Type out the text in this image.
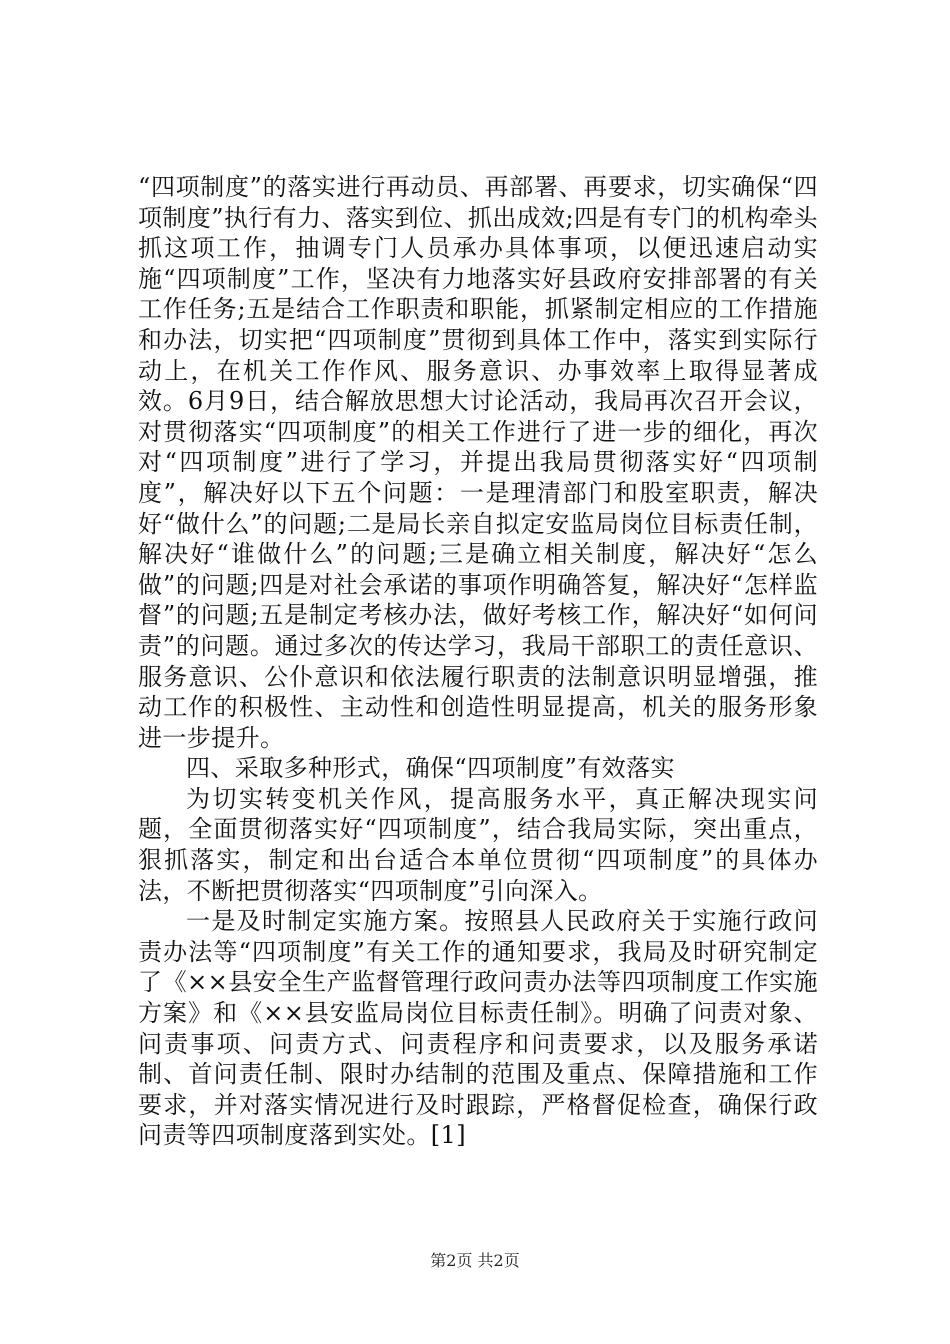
“四项制度”的落实进行再动员、再部署、再要求，切实确保“四项制度”执行有力、落实到位、抓出成效;四是有专门的机构牵头抓这项工作，抽调专门人员承办具体事项，以便迅速启动实施“四项制度”工作，坚决有力地落实好县政府安排部署的有关工作任务;五是结合工作职责和职能，抓紧制定相应的工作措施和办法，切实把“四项制度”贯彻到具体工作中，落实到实际行动上，在机关工作作风、服务意识、办事效率上取得显著成效。6月9日，结合解放思想大讨论活动，我局再次召开会议，对贯彻落实“四项制度”的相关工作进行了进一步的细化，再次对“四项制度”进行了学习，并提出我局贯彻落实好“四项制度”，解决好以下五个问题：一是理清部门和股室职责，解决好“做什么”的问题;二是局长亲自拟定安监局岗位目标责任制，解决好“谁做什么”的问题;三是确立相关制度，解决好“怎么做”的问题;四是对社会承诺的事项作明确答复，解决好“怎样监督”的问题;五是制定考核办法，做好考核工作，解决好“如何问责”的问题。通过多次的传达学习，我局干部职工的责任意识、服务意识、公仆意识和依法履行职责的法制意识明显增强，推动工作的积极性、主动性和创造性明显提高，机关的服务形象进一步提升。

四、采取多种形式，确保“四项制度”有效落实

为切实转变机关作风，提高服务水平，真正解决现实问题，全面贯彻落实好“四项制度”，结合我局实际，突出重点，狠抓落实，制定和出台适合本单位贯彻“四项制度”的具体办法，不断把贯彻落实“四项制度”引向深入。

一是及时制定实施方案。按照县人民政府关于实施行政问责办法等“四项制度”有关工作的通知要求，我局及时研究制定了《××县安全生产监督管理行政问责办法等四项制度工作实施方案》和《××县安监局岗位目标责任制》。明确了问责对象、问责事项、问责方式、问责程序和问责要求，以及服务承诺制、首问责任制、限时办结制的范围及重点、保障措施和工作要求，并对落实情况进行及时跟踪，严格督促检查，确保行政问责等四项制度落到实处。[1]

第2页 共2页
